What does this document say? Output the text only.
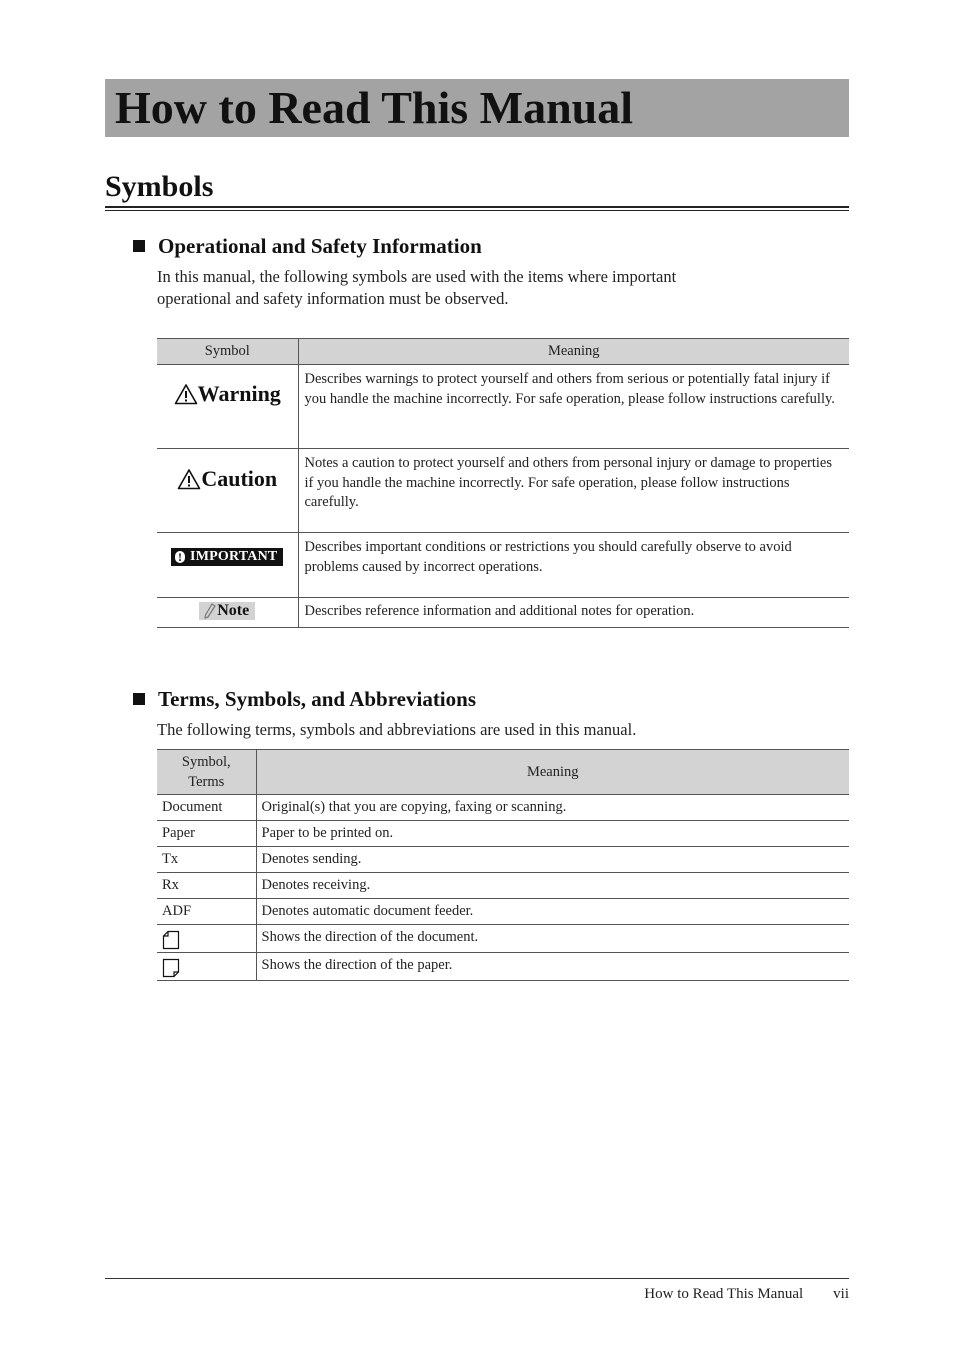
How to Read This Manual
Symbols
Operational and Safety Information

In this manual, the following symbols are used with the items where important
operational and safety information must be observed.

Symbol	Meaning

Warning	Describes warnings to protect yourself and others from serious or potentially fatal injury if you handle the machine incorrectly. For safe operation, please follow instructions carefully.

Caution	Notes a caution to protect yourself and others from personal injury or damage to properties if you handle the machine incorrectly. For safe operation, please follow instructions carefully.

! IMPORTANT	Describes important conditions or restrictions you should carefully observe to avoid problems caused by incorrect operations.

Note	Describes reference information and additional notes for operation.
Terms, Symbols, and Abbreviations

The following terms, symbols and abbreviations are used in this manual.

Symbol,
Terms	Meaning
Document	Original(s) that you are copying, faxing or scanning.
Paper	Paper to be printed on.
Tx	Denotes sending.
Rx	Denotes receiving.
ADF	Denotes automatic document feeder.
	Shows the direction of the document.
	Shows the direction of the paper.
How to Read This Manual vii
